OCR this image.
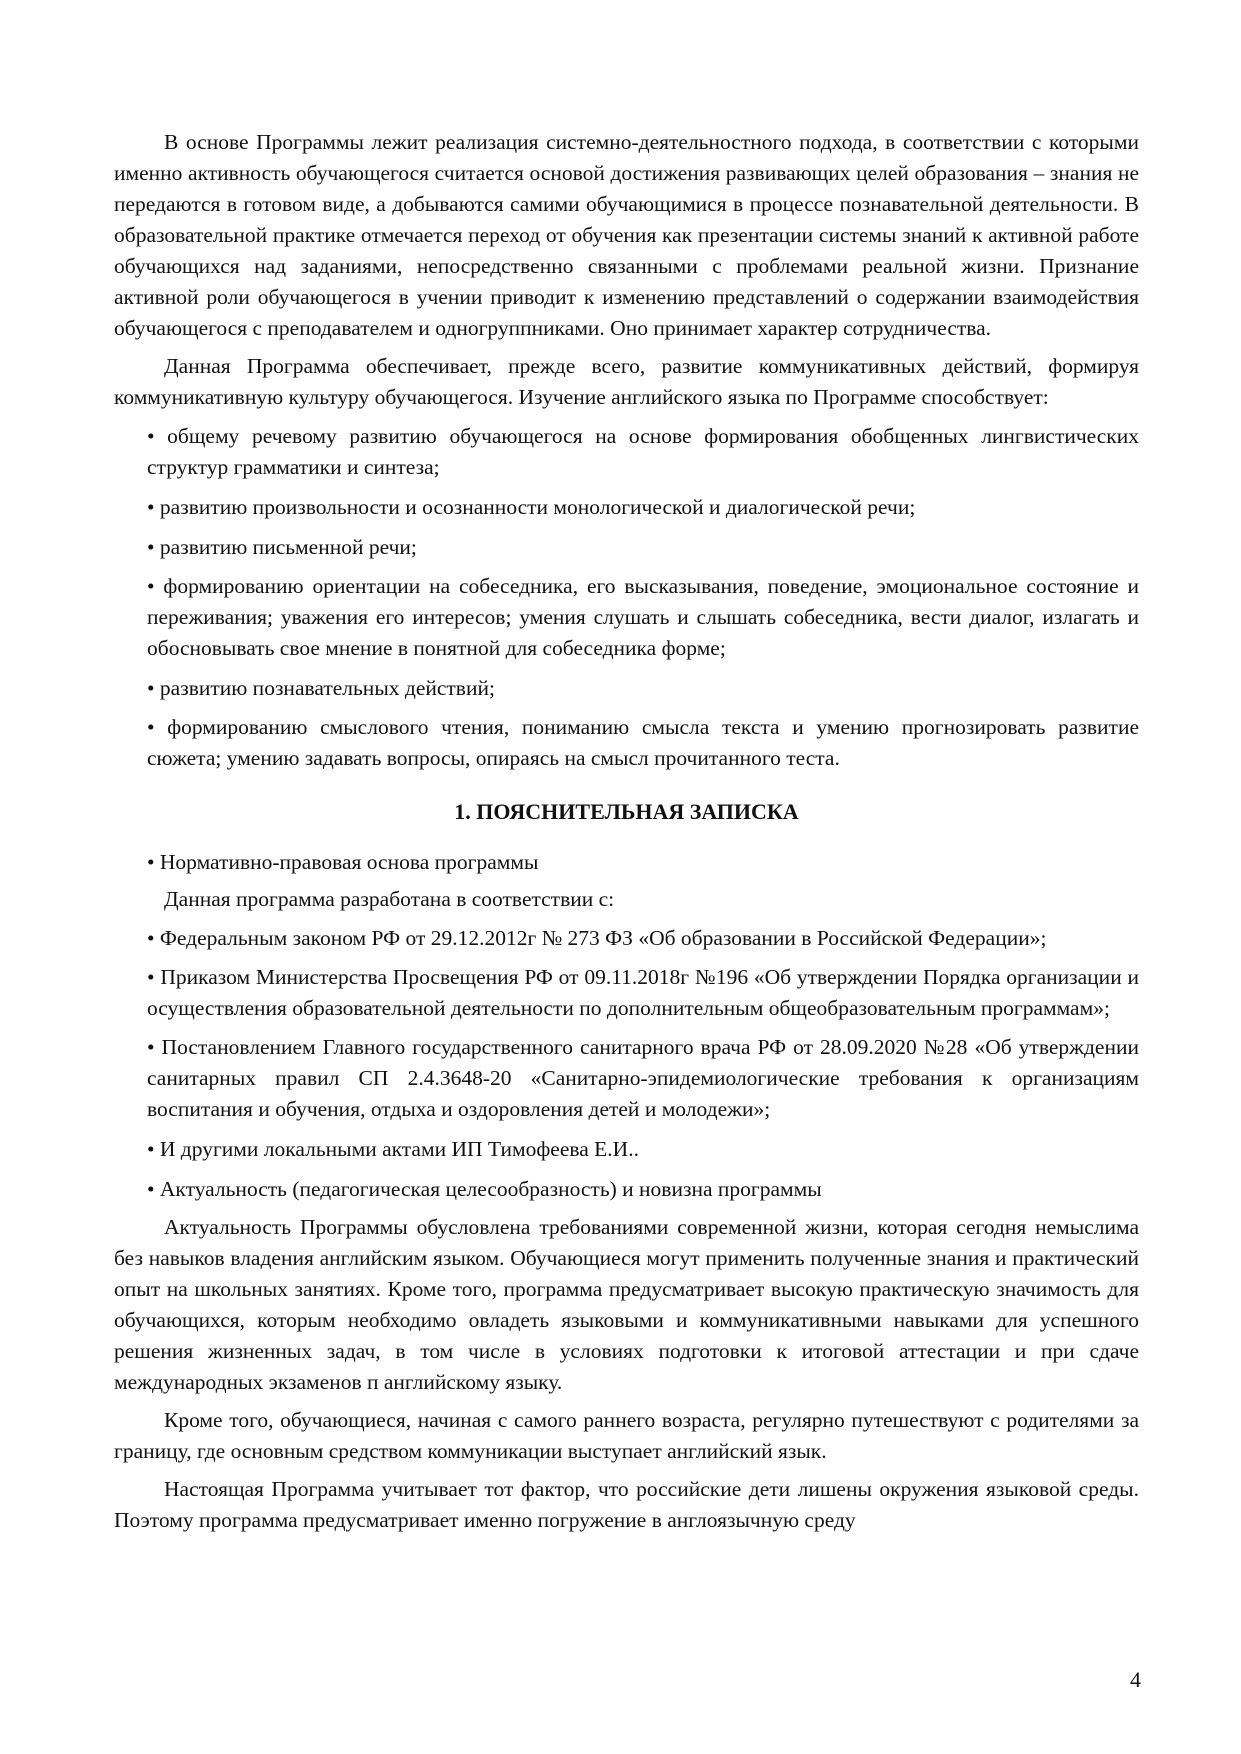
В основе Программы лежит реализация системно-деятельностного подхода, в соответствии с которыми именно активность обучающегося считается основой достижения развивающих целей образования – знания не передаются в готовом виде, а добываются самими обучающимися в процессе познавательной деятельности. В образовательной практике отмечается переход от обучения как презентации системы знаний к активной работе обучающихся над заданиями, непосредственно связанными с проблемами реальной жизни. Признание активной роли обучающегося в учении приводит к изменению представлений о содержании взаимодействия обучающегося с преподавателем и одногруппниками. Оно принимает характер сотрудничества.

Данная Программа обеспечивает, прежде всего, развитие коммуникативных действий, формируя коммуникативную культуру обучающегося. Изучение английского языка по Программе способствует:

• общему речевому развитию обучающегося на основе формирования обобщенных лингвистических структур грамматики и синтеза;

• развитию произвольности и осознанности монологической и диалогической речи;

• развитию письменной речи;

• формированию ориентации на собеседника, его высказывания, поведение, эмоциональное состояние и переживания; уважения его интересов; умения слушать и слышать собеседника, вести диалог, излагать и обосновывать свое мнение в понятной для собеседника форме;

• развитию познавательных действий;

• формированию смыслового чтения, пониманию смысла текста и умению прогнозировать развитие сюжета; умению задавать вопросы, опираясь на смысл прочитанного теста.

1. ПОЯСНИТЕЛЬНАЯ ЗАПИСКА

• Нормативно-правовая основа программы

Данная программа разработана в соответствии с:

• Федеральным законом РФ от 29.12.2012г № 273 ФЗ «Об образовании в Российской Федерации»;

• Приказом Министерства Просвещения РФ от 09.11.2018г №196 «Об утверждении Порядка организации и осуществления образовательной деятельности по дополнительным общеобразовательным программам»;

• Постановлением Главного государственного санитарного врача РФ от 28.09.2020 №28 «Об утверждении санитарных правил СП 2.4.3648-20 «Санитарно-эпидемиологические требования к организациям воспитания и обучения, отдыха и оздоровления детей и молодежи»;

• И другими локальными актами ИП Тимофеева Е.И..

• Актуальность (педагогическая целесообразность) и новизна программы

Актуальность Программы обусловлена требованиями современной жизни, которая сегодня немыслима без навыков владения английским языком. Обучающиеся могут применить полученные знания и практический опыт на школьных занятиях. Кроме того, программа предусматривает высокую практическую значимость для обучающихся, которым необходимо овладеть языковыми и коммуникативными навыками для успешного решения жизненных задач, в том числе в условиях подготовки к итоговой аттестации и при сдаче международных экзаменов п английскому языку.

Кроме того, обучающиеся, начиная с самого раннего возраста, регулярно путешествуют с родителями за границу, где основным средством коммуникации выступает английский язык.

Настоящая Программа учитывает тот фактор, что российские дети лишены окружения языковой среды. Поэтому программа предусматривает именно погружение в англоязычную среду

4
